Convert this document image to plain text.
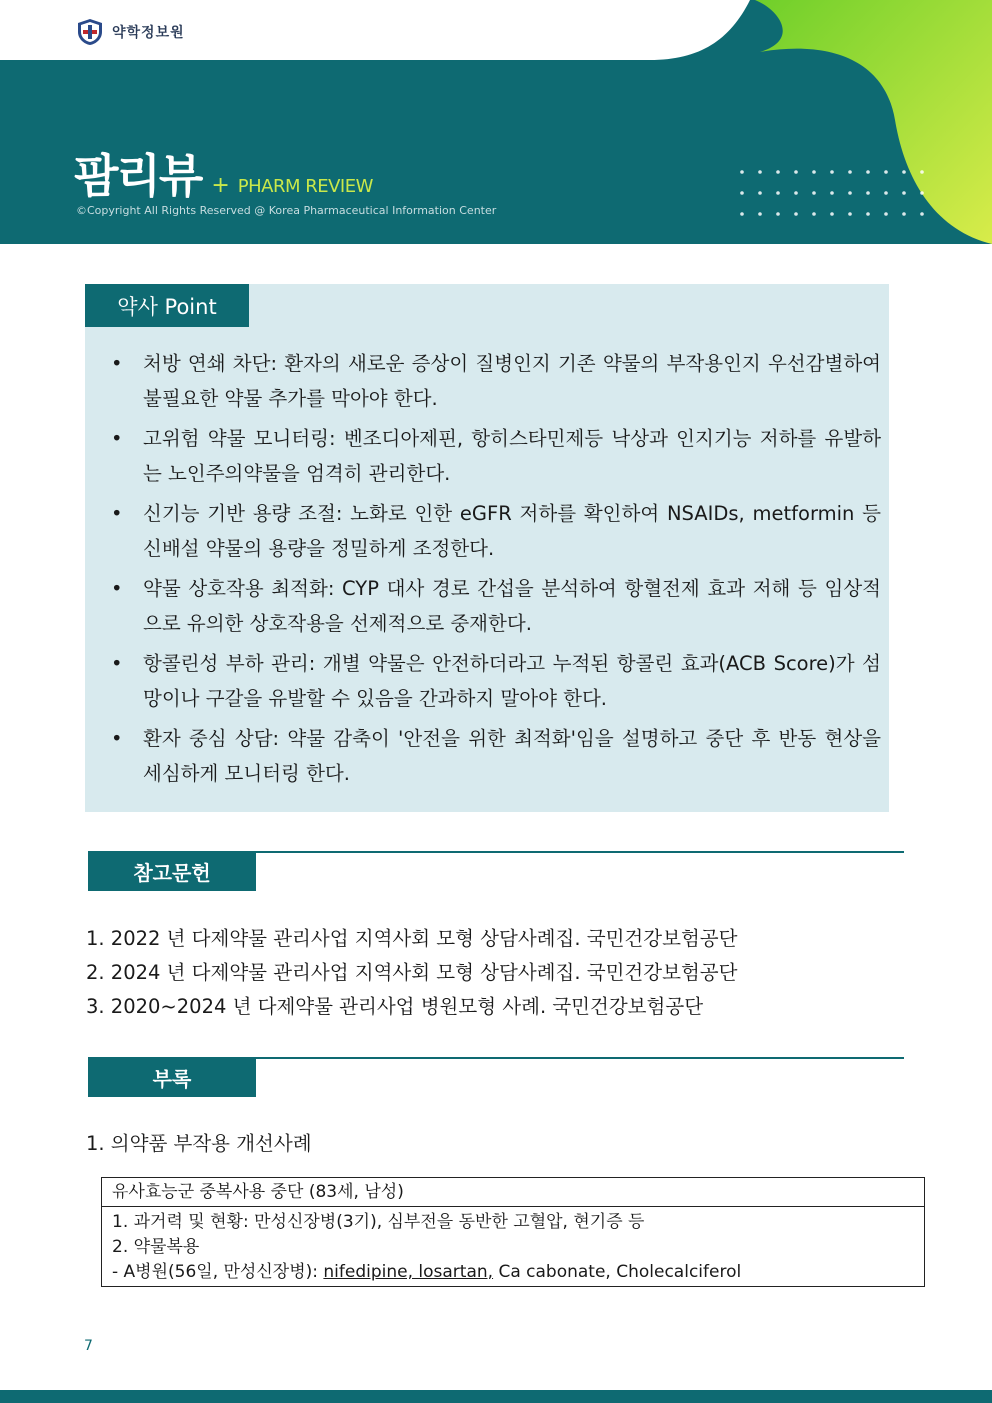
약학정보원
팜리뷰 + PHARM REVIEW
©Copyright All Rights Reserved @ Korea Pharmaceutical Information Center
약사 Point
• 처방 연쇄 차단: 환자의 새로운 증상이 질병인지 기존 약물의 부작용인지 우선감별하여 불필요한 약물 추가를 막아야 한다.
• 고위험 약물 모니터링: 벤조디아제핀, 항히스타민제등 낙상과 인지기능 저하를 유발하는 노인주의약물을 엄격히 관리한다.
• 신기능 기반 용량 조절: 노화로 인한 eGFR 저하를 확인하여 NSAIDs, metformin 등 신배설 약물의 용량을 정밀하게 조정한다.
• 약물 상호작용 최적화: CYP 대사 경로 간섭을 분석하여 항혈전제 효과 저해 등 임상적으로 유의한 상호작용을 선제적으로 중재한다.
• 항콜린성 부하 관리: 개별 약물은 안전하더라고 누적된 항콜린 효과(ACB Score)가 섬망이나 구갈을 유발할 수 있음을 간과하지 말아야 한다.
• 환자 중심 상담: 약물 감축이 '안전을 위한 최적화'임을 설명하고 중단 후 반동 현상을 세심하게 모니터링 한다.
참고문헌
1. 2022 년 다제약물 관리사업 지역사회 모형 상담사례집. 국민건강보험공단
2. 2024 년 다제약물 관리사업 지역사회 모형 상담사례집. 국민건강보험공단
3. 2020~2024 년 다제약물 관리사업 병원모형 사례. 국민건강보험공단
부록
1. 의약품 부작용 개선사례
유사효능군 중복사용 중단 (83세, 남성)

1. 과거력 및 현황: 만성신장병(3기), 심부전을 동반한 고혈압, 현기증 등
2. 약물복용
- A병원(56일, 만성신장병): nifedipine, losartan, Ca cabonate, Cholecalciferol
7
